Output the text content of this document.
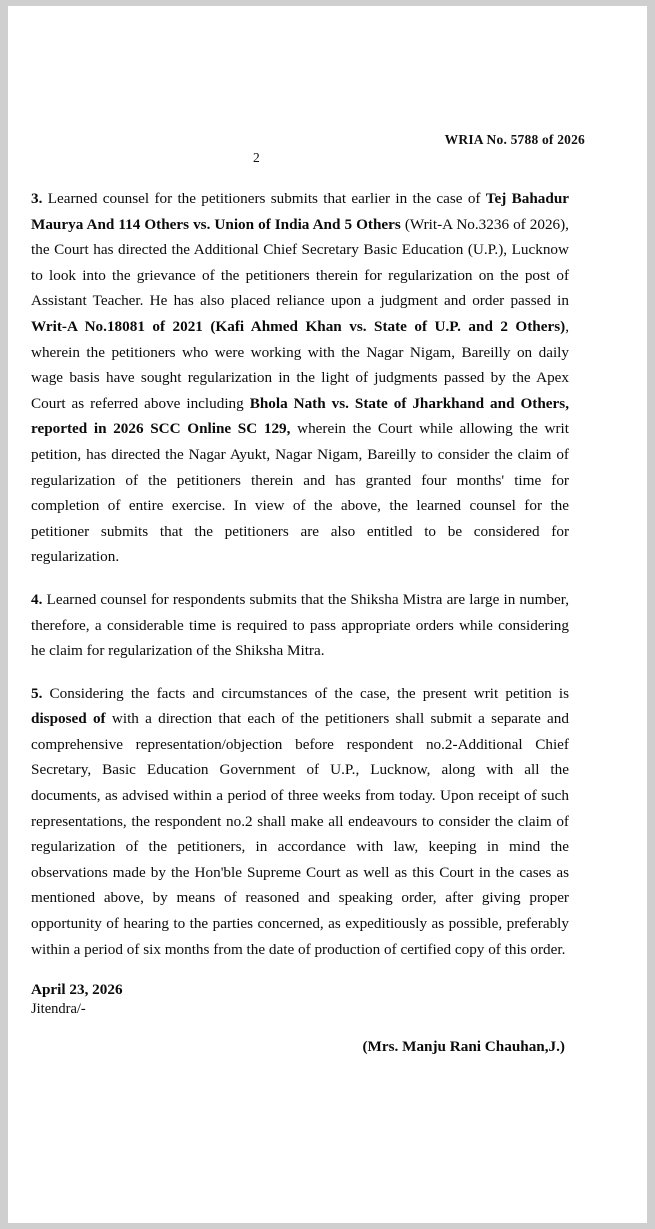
WRIA No. 5788 of 2026
2

3. Learned counsel for the petitioners submits that earlier in the case of Tej Bahadur Maurya And 114 Others vs. Union of India And 5 Others (Writ-A No.3236 of 2026), the Court has directed the Additional Chief Secretary Basic Education (U.P.), Lucknow to look into the grievance of the petitioners therein for regularization on the post of Assistant Teacher. He has also placed reliance upon a judgment and order passed in Writ-A No.18081 of 2021 (Kafi Ahmed Khan vs. State of U.P. and 2 Others), wherein the petitioners who were working with the Nagar Nigam, Bareilly on daily wage basis have sought regularization in the light of judgments passed by the Apex Court as referred above including Bhola Nath vs. State of Jharkhand and Others, reported in 2026 SCC Online SC 129, wherein the Court while allowing the writ petition, has directed the Nagar Ayukt, Nagar Nigam, Bareilly to consider the claim of regularization of the petitioners therein and has granted four months' time for completion of entire exercise. In view of the above, the learned counsel for the petitioner submits that the petitioners are also entitled to be considered for regularization.

4. Learned counsel for respondents submits that the Shiksha Mistra are large in number, therefore, a considerable time is required to pass appropriate orders while considering he claim for regularization of the Shiksha Mitra.

5. Considering the facts and circumstances of the case, the present writ petition is disposed of with a direction that each of the petitioners shall submit a separate and comprehensive representation/objection before respondent no.2-Additional Chief Secretary, Basic Education Government of U.P., Lucknow, along with all the documents, as advised within a period of three weeks from today. Upon receipt of such representations, the respondent no.2 shall make all endeavours to consider the claim of regularization of the petitioners, in accordance with law, keeping in mind the observations made by the Hon'ble Supreme Court as well as this Court in the cases as mentioned above, by means of reasoned and speaking order, after giving proper opportunity of hearing to the parties concerned, as expeditiously as possible, preferably within a period of six months from the date of production of certified copy of this order.

April 23, 2026

Jitendra/-

(Mrs. Manju Rani Chauhan,J.)
